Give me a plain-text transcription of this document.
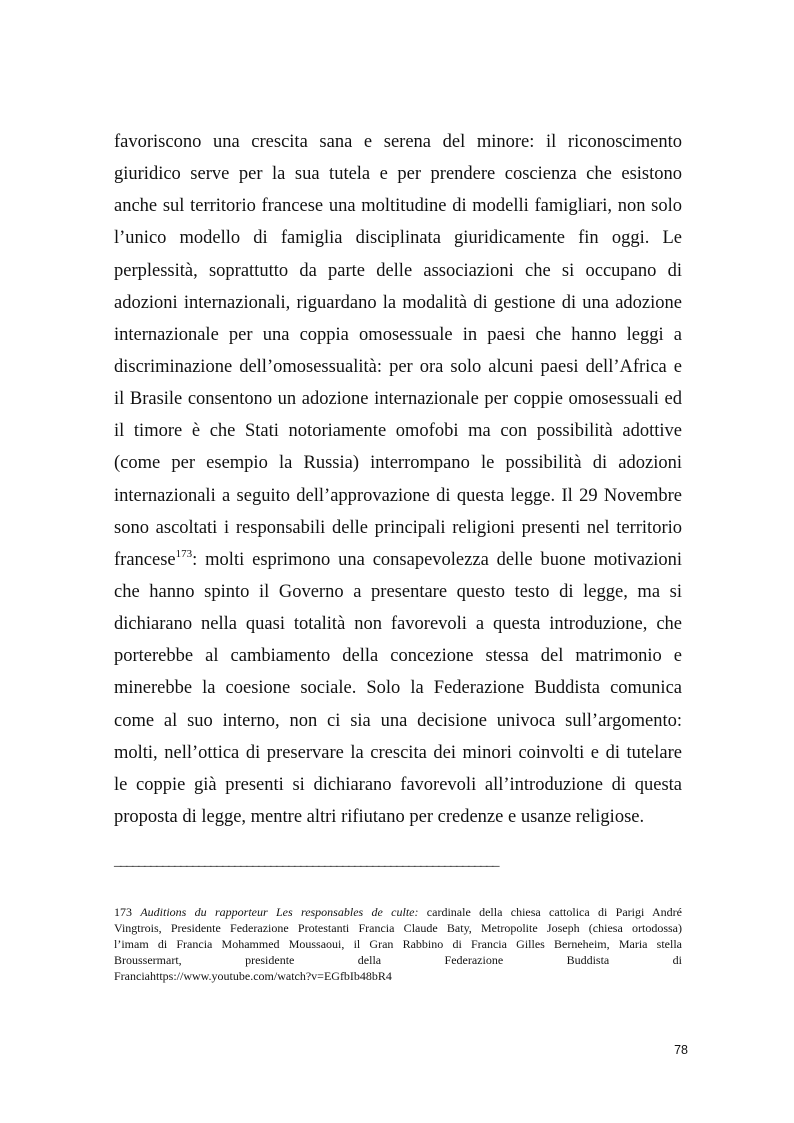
favoriscono una crescita sana e serena del minore: il riconoscimento
giuridico serve per la sua tutela e per prendere coscienza che esistono
anche sul territorio francese una moltitudine di modelli famigliari, non solo
l’unico modello di famiglia disciplinata giuridicamente fin oggi. Le
perplessità, soprattutto da parte delle associazioni che si occupano di
adozioni internazionali, riguardano la modalità di gestione di una adozione
internazionale per una coppia omosessuale in paesi che hanno leggi a
discriminazione dell’omosessualità: per ora solo alcuni paesi dell’Africa e
il Brasile consentono un adozione internazionale per coppie omosessuali ed
il timore è che Stati notoriamente omofobi ma con possibilità adottive
(come per esempio la Russia) interrompano le possibilità di adozioni
internazionali a seguito dell’approvazione di questa legge. Il 29 Novembre
sono ascoltati i responsabili delle principali religioni presenti nel territorio
francese$^{173}$: molti esprimono una consapevolezza delle buone motivazioni
che hanno spinto il Governo a presentare questo testo di legge, ma si
dichiarano nella quasi totalità non favorevoli a questa introduzione, che
porterebbe al cambiamento della concezione stessa del matrimonio e
minerebbe la coesione sociale. Solo la Federazione Buddista comunica
come al suo interno, non ci sia una decisione univoca sull’argomento:
molti, nell’ottica di preservare la crescita dei minori coinvolti e di tutelare
le coppie già presenti si dichiarano favorevoli all’introduzione di questa
proposta di legge, mentre altri rifiutano per credenze e usanze religiose.
________________________________________________________________
173 Auditions du rapporteur Les responsables de culte: cardinale della chiesa cattolica di Parigi André
Vingtrois, Presidente Federazione Protestanti Francia Claude Baty, Metropolite Joseph (chiesa ortodossa)
l’imam di Francia Mohammed Moussaoui, il Gran Rabbino di Francia Gilles Berneheim, Maria stella
Broussermart, presidente della Federazione Buddista di
Franciahttps://www.youtube.com/watch?v=EGfbIb48bR4
78
